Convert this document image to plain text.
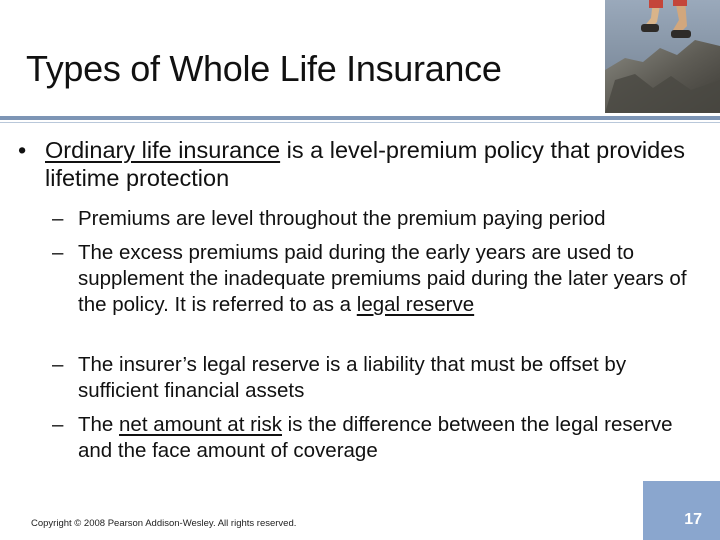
Types of Whole Life Insurance
• Ordinary life insurance is a level-premium policy that provides lifetime protection
– Premiums are level throughout the premium paying period
– The excess premiums paid during the early years are used to supplement the inadequate premiums paid during the later years of the policy. It is referred to as a legal reserve
– The insurer’s legal reserve is a liability that must be offset by sufficient financial assets
– The net amount at risk is the difference between the legal reserve and the face amount of coverage
Copyright © 2008 Pearson Addison-Wesley. All rights reserved.	17
